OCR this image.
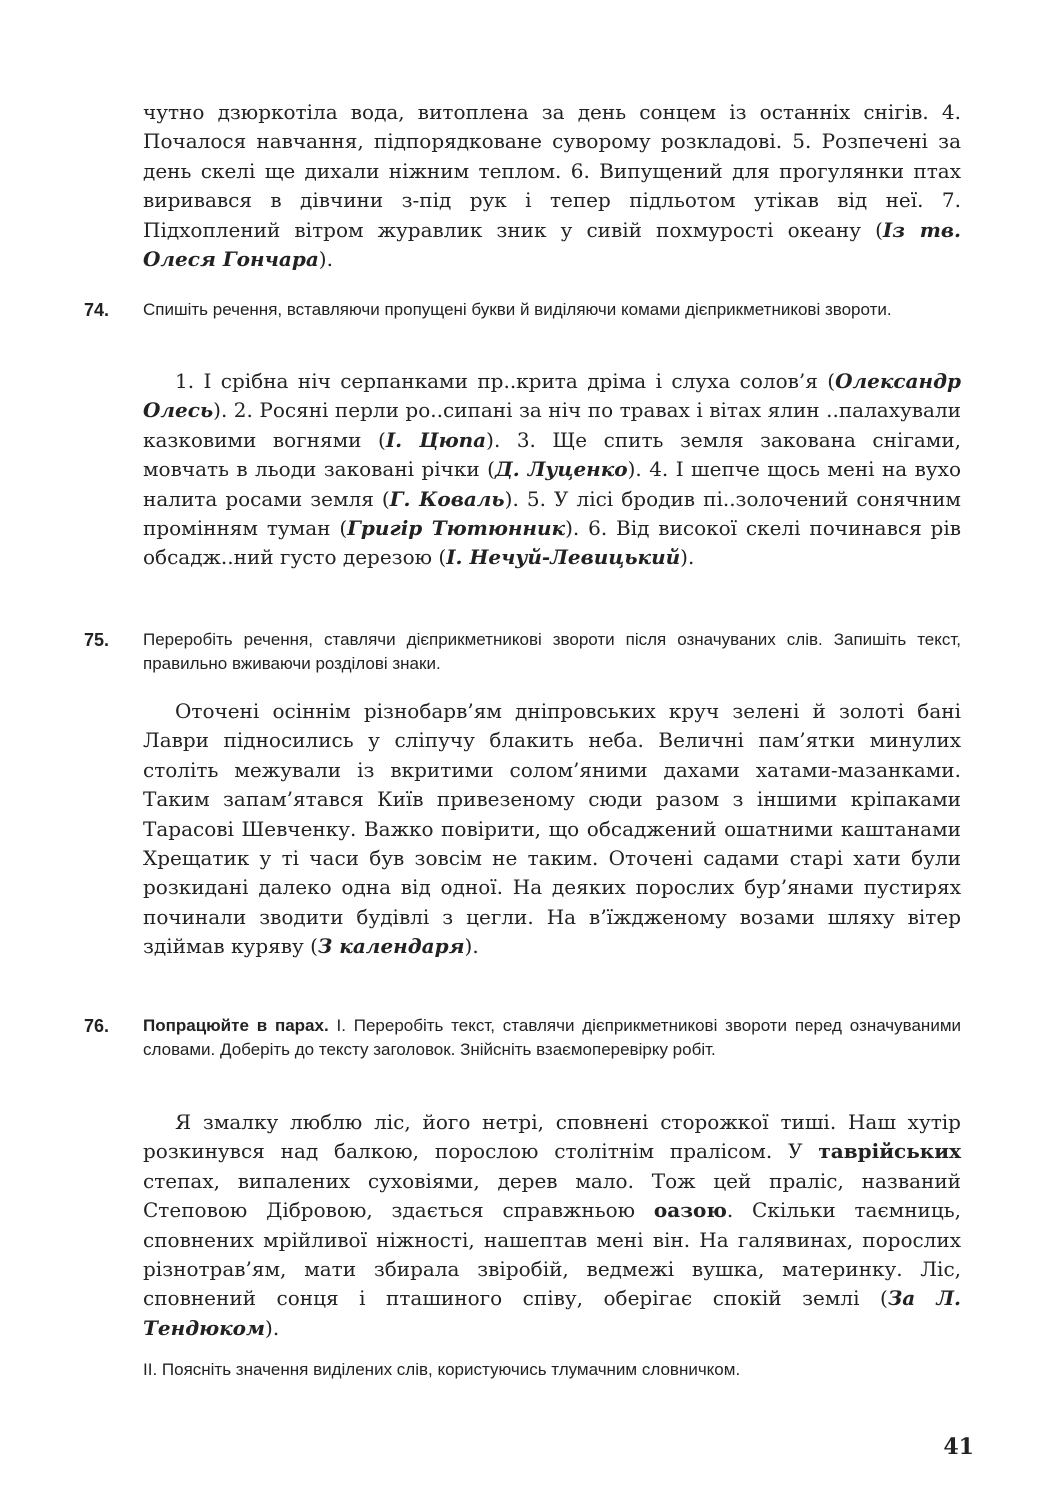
чутно дзюркотіла вода, витоплена за день сонцем із останніх снігів. 4. Почалося навчання, підпорядковане суворому розкладові. 5. Розпечені за день скелі ще дихали ніжним теплом. 6. Випущений для прогулянки птах виривався в дівчини з-під рук і тепер підльотом утікав від неї. 7. Підхоплений вітром журавлик зник у сивій похмурості океану (Із тв. Олеся Гончара).

74. Спишіть речення, вставляючи пропущені букви й виділяючи комами дієприкметникові звороти.

1. І срібна ніч серпанками пр..крита дріма і слуха солов’я (Олександр Олесь). 2. Росяні перли ро..сипані за ніч по травах і вітах ялин ..палахували казковими вогнями (І. Цюпа). 3. Ще спить земля закована снігами, мовчать в льоди заковані річки (Д. Луценко). 4. І шепче щось мені на вухо налита росами земля (Г. Коваль). 5. У лісі бродив пі..золочений сонячним промінням туман (Григір Тютюнник). 6. Від високої скелі починався рів обсадж..ний густо дерезою (І. Нечуй-Левицький).

75. Переробіть речення, ставлячи дієприкметникові звороти після означуваних слів. Запишіть текст, правильно вживаючи розділові знаки.

Оточені осіннім різнобарв’ям дніпровських круч зелені й золоті бані Лаври підносились у сліпучу блакить неба. Величні пам’ятки минулих століть межували із вкритими солом’яними дахами хатами-мазанками. Таким запам’ятався Київ привезеному сюди разом з іншими кріпаками Тарасові Шевченку. Важко повірити, що обсаджений ошатними каштанами Хрещатик у ті часи був зовсім не таким. Оточені садами старі хати були розкидані далеко одна від одної. На деяких порослих бур’янами пустирях починали зводити будівлі з цегли. На в’їждженому возами шляху вітер здіймав куряву (З календаря).

76. Попрацюйте в парах. І. Переробіть текст, ставлячи дієприкметникові звороти перед означуваними словами. Доберіть до тексту заголовок. Знійсніть взаємоперевірку робіт.

Я змалку люблю ліс, його нетрі, сповнені сторожкої тиші. Наш хутір розкинувся над балкою, порослою столітнім пралісом. У таврійських степах, випалених суховіями, дерев мало. Тож цей праліс, названий Степовою Дібровою, здається справжньою оазою. Скільки таємниць, сповнених мрійливої ніжності, нашептав мені він. На галявинах, порослих різнотрав’ям, мати збирала звіробій, ведмежі вушка, материнку. Ліс, сповнений сонця і пташиного співу, оберігає спокій землі (За Л. Тендюком).

ІІ. Поясніть значення виділених слів, користуючись тлумачним словничком.
41
